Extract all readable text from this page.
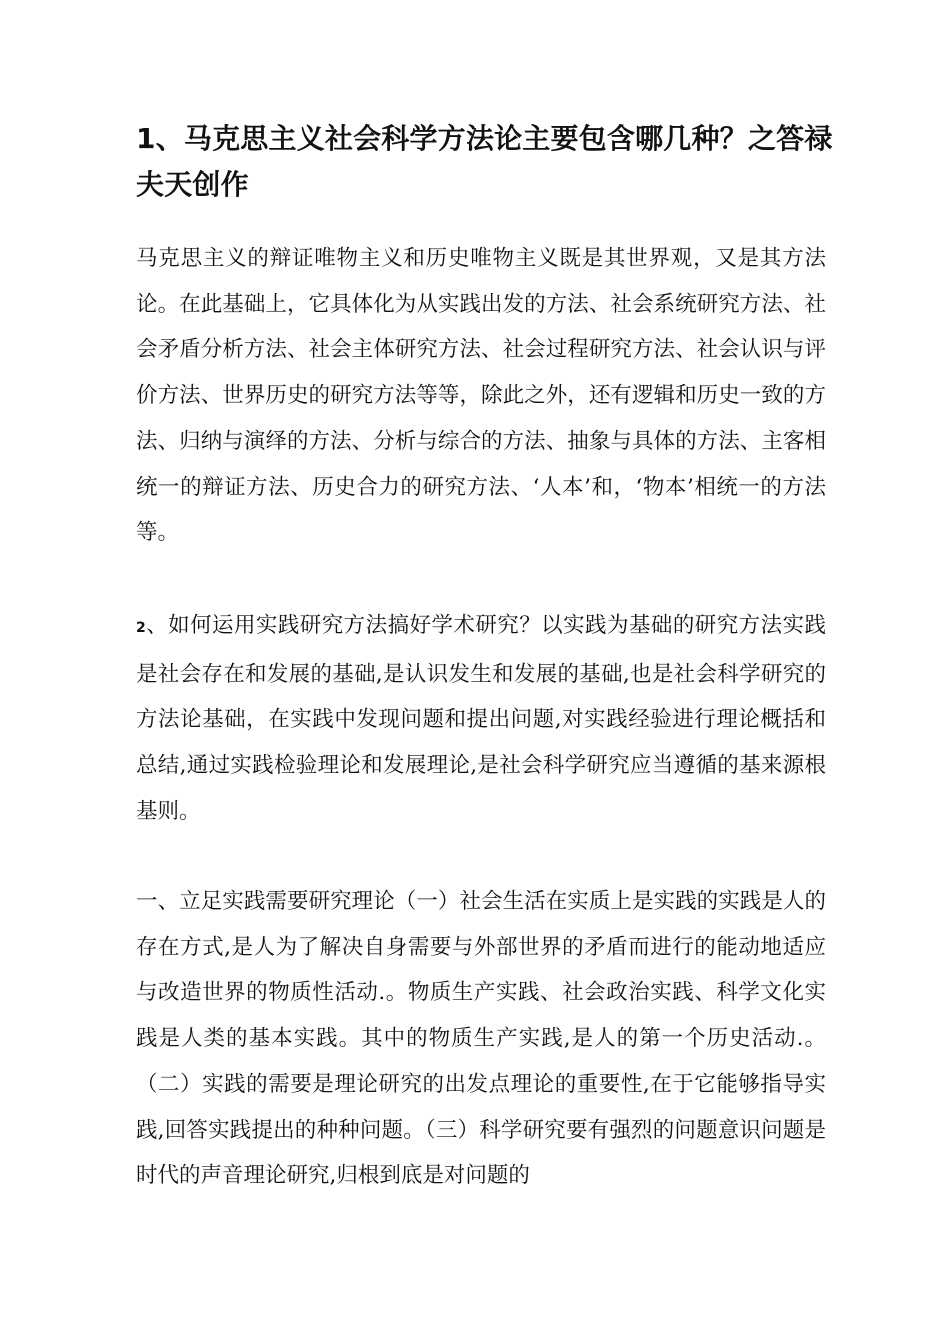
1、马克思主义社会科学方法论主要包含哪几种？之答禄夫天创作

马克思主义的辩证唯物主义和历史唯物主义既是其世界观，又是其方法论。在此基础上，它具体化为从实践出发的方法、社会系统研究方法、社会矛盾分析方法、社会主体研究方法、社会过程研究方法、社会认识与评价方法、世界历史的研究方法等等，除此之外，还有逻辑和历史一致的方法、归纳与演绎的方法、分析与综合的方法、抽象与具体的方法、主客相统一的辩证方法、历史合力的研究方法、‘人本’和，‘物本’相统一的方法等。

2、如何运用实践研究方法搞好学术研究？以实践为基础的研究方法实践是社会存在和发展的基础,是认识发生和发展的基础,也是社会科学研究的方法论基础，在实践中发现问题和提出问题,对实践经验进行理论概括和总结,通过实践检验理论和发展理论,是社会科学研究应当遵循的基来源根基则。

一、立足实践需要研究理论（一）社会生活在实质上是实践的实践是人的存在方式,是人为了解决自身需要与外部世界的矛盾而进行的能动地适应与改造世界的物质性活动.。物质生产实践、社会政治实践、科学文化实践是人类的基本实践。其中的物质生产实践,是人的第一个历史活动.。（二）实践的需要是理论研究的出发点理论的重要性,在于它能够指导实践,回答实践提出的种种问题。（三）科学研究要有强烈的问题意识问题是时代的声音理论研究,归根到底是对问题的
